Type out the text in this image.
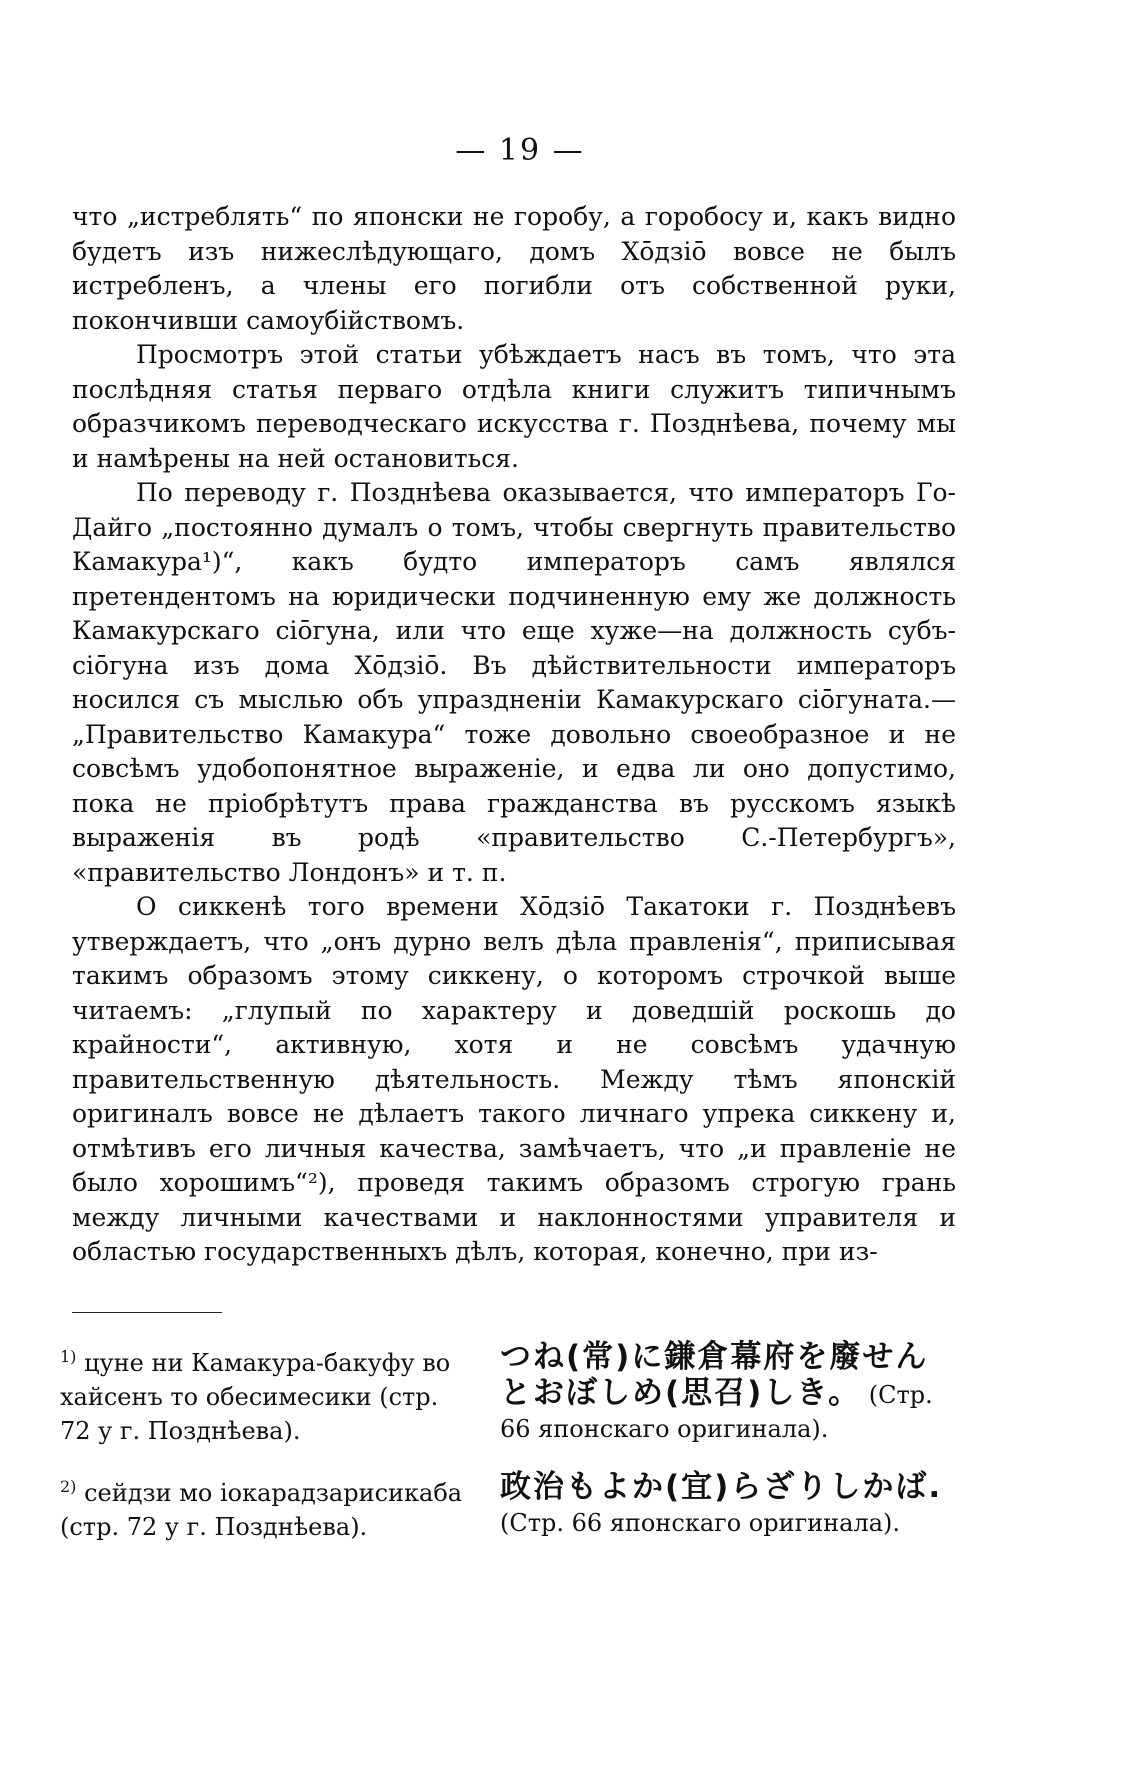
— 19 —

что „истреблять“ по японски не горобу, а горобосу и, какъ видно будетъ изъ нижеслѣдующаго, домъ Хōдзiō вовсе не былъ истребленъ, а члены его погибли отъ собственной руки, покончивши самоубiйствомъ.

Просмотръ этой статьи убѣждаетъ насъ въ томъ, что эта послѣдняя статья перваго отдѣла книги служитъ типичнымъ образчикомъ переводческаго искусства г. Позднѣева, почему мы и намѣрены на ней остановиться.

По переводу г. Позднѣева оказывается, что императоръ Го-Дайго „постоянно думалъ о томъ, чтобы свергнуть правительство Камакура¹)“, какъ будто императоръ самъ являлся претендентомъ на юридически подчиненную ему же должность Камакурскаго сiōгуна, или что еще хуже—на должность субъ-сiōгуна изъ дома Хōдзiō. Въ дѣйствительности императоръ носился съ мыслью объ упраздненiи Камакурскаго сiōгуната.—„Правительство Камакура“ тоже довольно своеобразное и не совсѣмъ удобопонятное выраженiе, и едва ли оно допустимо, пока не прiобрѣтутъ права гражданства въ русскомъ языкѣ выраженiя въ родѣ «правительство С.-Петербургъ», «правительство Лондонъ» и т. п.

О сиккенѣ того времени Хōдзiō Такатоки г. Позднѣевъ утверждаетъ, что „онъ дурно велъ дѣла правленiя“, приписывая такимъ образомъ этому сиккену, о которомъ строчкой выше читаемъ: „глупый по характеру и доведшiй роскошь до крайности“, активную, хотя и не совсѣмъ удачную правительственную дѣятельность. Между тѣмъ японскiй оригиналъ вовсе не дѣлаетъ такого личнаго упрека сиккену и, отмѣтивъ его личныя качества, замѣчаетъ, что „и правленiе не было хорошимъ“²), проведя такимъ образомъ строгую грань между личными качествами и наклонностями управителя и областью государственныхъ дѣлъ, которая, конечно, при из-

$^{1)}$ цуне ни Камакура-бакуфу во хайсенъ то обесимесики (стр. 72 у г. Позднѣева).
つね(常)に鎌倉幕府を廢せんとおぼしめ(思召)しき。 (Стр. 66 японскаго оригинала).
$^{2)}$ сейдзи мо iокарадзарисикаба (стр. 72 у г. Позднѣева).
政治もよか(宜)らざりしかば. (Стр. 66 японскаго оригинала).
